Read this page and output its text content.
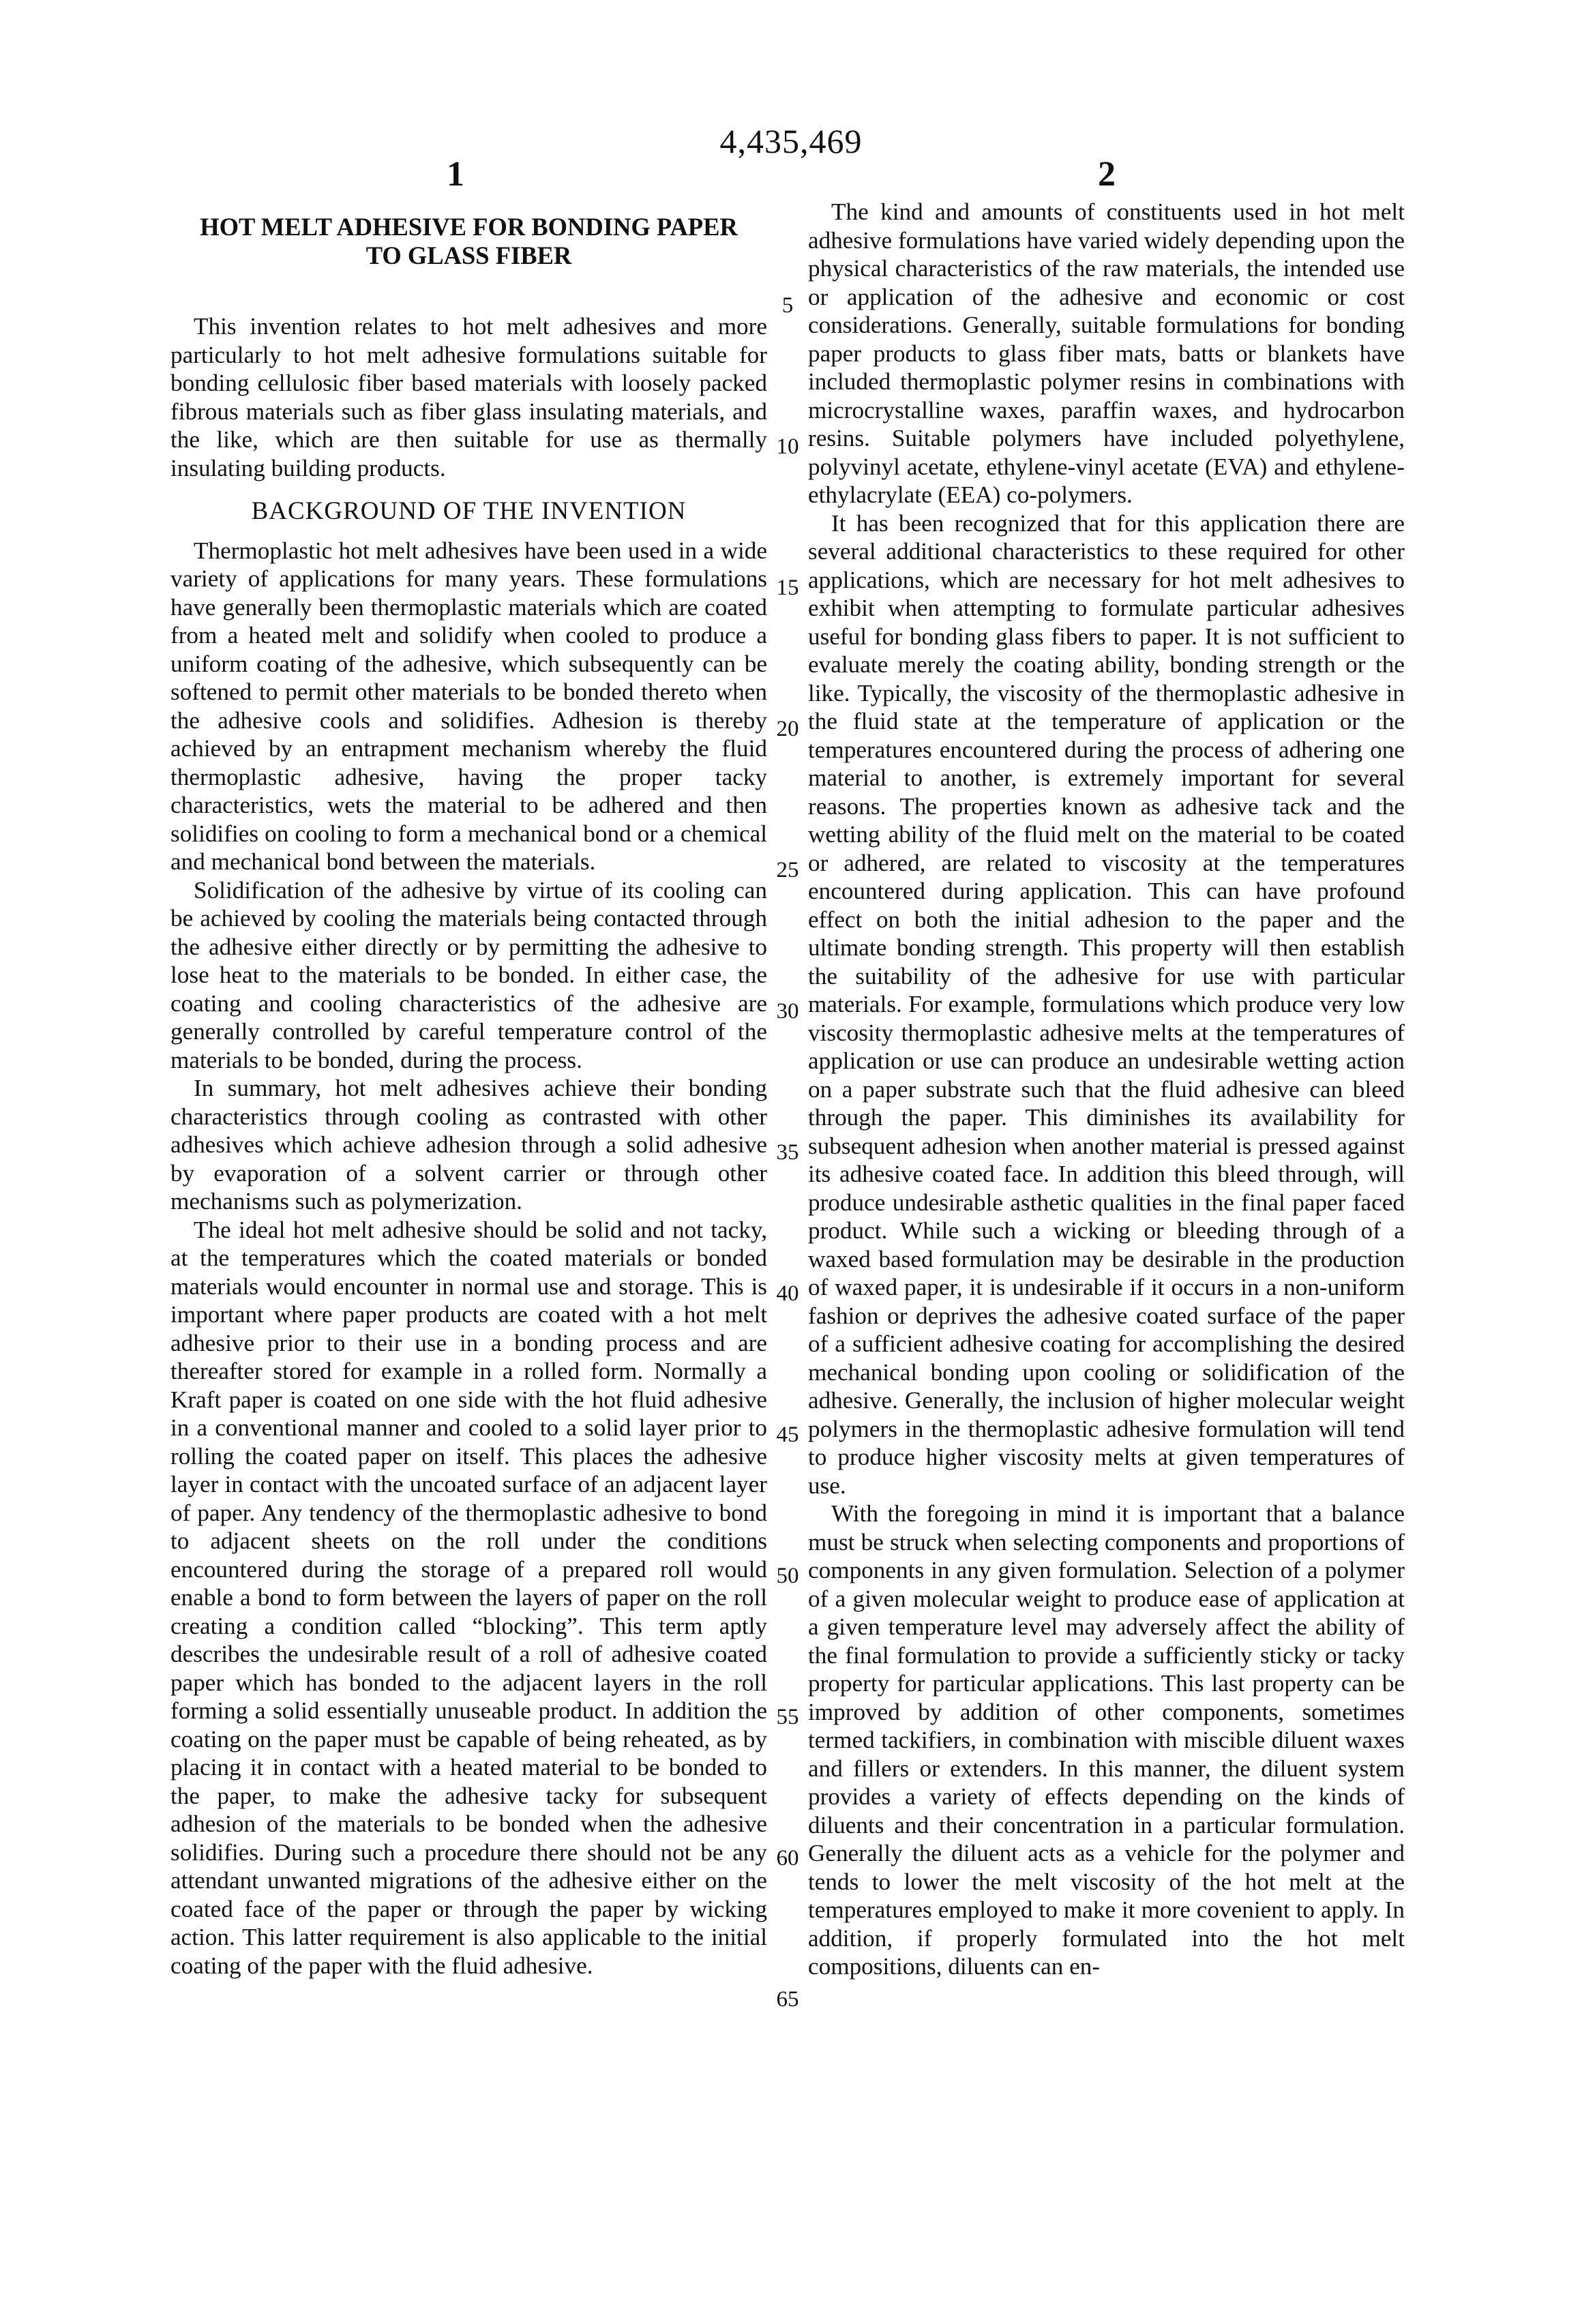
4,435,469
1	2
HOT MELT ADHESIVE FOR BONDING PAPER
TO GLASS FIBER

This invention relates to hot melt adhesives and more particularly to hot melt adhesive formulations suitable for bonding cellulosic fiber based materials with loosely packed fibrous materials such as fiber glass insulating materials, and the like, which are then suitable for use as thermally insulating building products.

BACKGROUND OF THE INVENTION

Thermoplastic hot melt adhesives have been used in a wide variety of applications for many years. These formulations have generally been thermoplastic materials which are coated from a heated melt and solidify when cooled to produce a uniform coating of the adhesive, which subsequently can be softened to permit other materials to be bonded thereto when the adhesive cools and solidifies. Adhesion is thereby achieved by an entrapment mechanism whereby the fluid thermoplastic adhesive, having the proper tacky characteristics, wets the material to be adhered and then solidifies on cooling to form a mechanical bond or a chemical and mechanical bond between the materials.

Solidification of the adhesive by virtue of its cooling can be achieved by cooling the materials being contacted through the adhesive either directly or by permitting the adhesive to lose heat to the materials to be bonded. In either case, the coating and cooling characteristics of the adhesive are generally controlled by careful temperature control of the materials to be bonded, during the process.

In summary, hot melt adhesives achieve their bonding characteristics through cooling as contrasted with other adhesives which achieve adhesion through a solid adhesive by evaporation of a solvent carrier or through other mechanisms such as polymerization.

The ideal hot melt adhesive should be solid and not tacky, at the temperatures which the coated materials or bonded materials would encounter in normal use and storage. This is important where paper products are coated with a hot melt adhesive prior to their use in a bonding process and are thereafter stored for example in a rolled form. Normally a Kraft paper is coated on one side with the hot fluid adhesive in a conventional manner and cooled to a solid layer prior to rolling the coated paper on itself. This places the adhesive layer in contact with the uncoated surface of an adjacent layer of paper. Any tendency of the thermoplastic adhesive to bond to adjacent sheets on the roll under the conditions encountered during the storage of a prepared roll would enable a bond to form between the layers of paper on the roll creating a condition called “blocking”. This term aptly describes the undesirable result of a roll of adhesive coated paper which has bonded to the adjacent layers in the roll forming a solid essentially unuseable product. In addition the coating on the paper must be capable of being reheated, as by placing it in contact with a heated material to be bonded to the paper, to make the adhesive tacky for subsequent adhesion of the materials to be bonded when the adhesive solidifies. During such a procedure there should not be any attendant unwanted migrations of the adhesive either on the coated face of the paper or through the paper by wicking action. This latter requirement is also applicable to the initial coating of the paper with the fluid adhesive.

5
10
15
20
25
30
35
40
45
50
55
60
65

The kind and amounts of constituents used in hot melt adhesive formulations have varied widely depending upon the physical characteristics of the raw materials, the intended use or application of the adhesive and economic or cost considerations. Generally, suitable formulations for bonding paper products to glass fiber mats, batts or blankets have included thermoplastic polymer resins in combinations with microcrystalline waxes, paraffin waxes, and hydrocarbon resins. Suitable polymers have included polyethylene, polyvinyl acetate, ethylene-vinyl acetate (EVA) and ethylene-ethylacrylate (EEA) co-polymers.

It has been recognized that for this application there are several additional characteristics to these required for other applications, which are necessary for hot melt adhesives to exhibit when attempting to formulate particular adhesives useful for bonding glass fibers to paper. It is not sufficient to evaluate merely the coating ability, bonding strength or the like. Typically, the viscosity of the thermoplastic adhesive in the fluid state at the temperature of application or the temperatures encountered during the process of adhering one material to another, is extremely important for several reasons. The properties known as adhesive tack and the wetting ability of the fluid melt on the material to be coated or adhered, are related to viscosity at the temperatures encountered during application. This can have profound effect on both the initial adhesion to the paper and the ultimate bonding strength. This property will then establish the suitability of the adhesive for use with particular materials. For example, formulations which produce very low viscosity thermoplastic adhesive melts at the temperatures of application or use can produce an undesirable wetting action on a paper substrate such that the fluid adhesive can bleed through the paper. This diminishes its availability for subsequent adhesion when another material is pressed against its adhesive coated face. In addition this bleed through, will produce undesirable asthetic qualities in the final paper faced product. While such a wicking or bleeding through of a waxed based formulation may be desirable in the production of waxed paper, it is undesirable if it occurs in a non-uniform fashion or deprives the adhesive coated surface of the paper of a sufficient adhesive coating for accomplishing the desired mechanical bonding upon cooling or solidification of the adhesive. Generally, the inclusion of higher molecular weight polymers in the thermoplastic adhesive formulation will tend to produce higher viscosity melts at given temperatures of use.

With the foregoing in mind it is important that a balance must be struck when selecting components and proportions of components in any given formulation. Selection of a polymer of a given molecular weight to produce ease of application at a given temperature level may adversely affect the ability of the final formulation to provide a sufficiently sticky or tacky property for particular applications. This last property can be improved by addition of other components, sometimes termed tackifiers, in combination with miscible diluent waxes and fillers or extenders. In this manner, the diluent system provides a variety of effects depending on the kinds of diluents and their concentration in a particular formulation. Generally the diluent acts as a vehicle for the polymer and tends to lower the melt viscosity of the hot melt at the temperatures employed to make it more covenient to apply. In addition, if properly formulated into the hot melt compositions, diluents can en-
